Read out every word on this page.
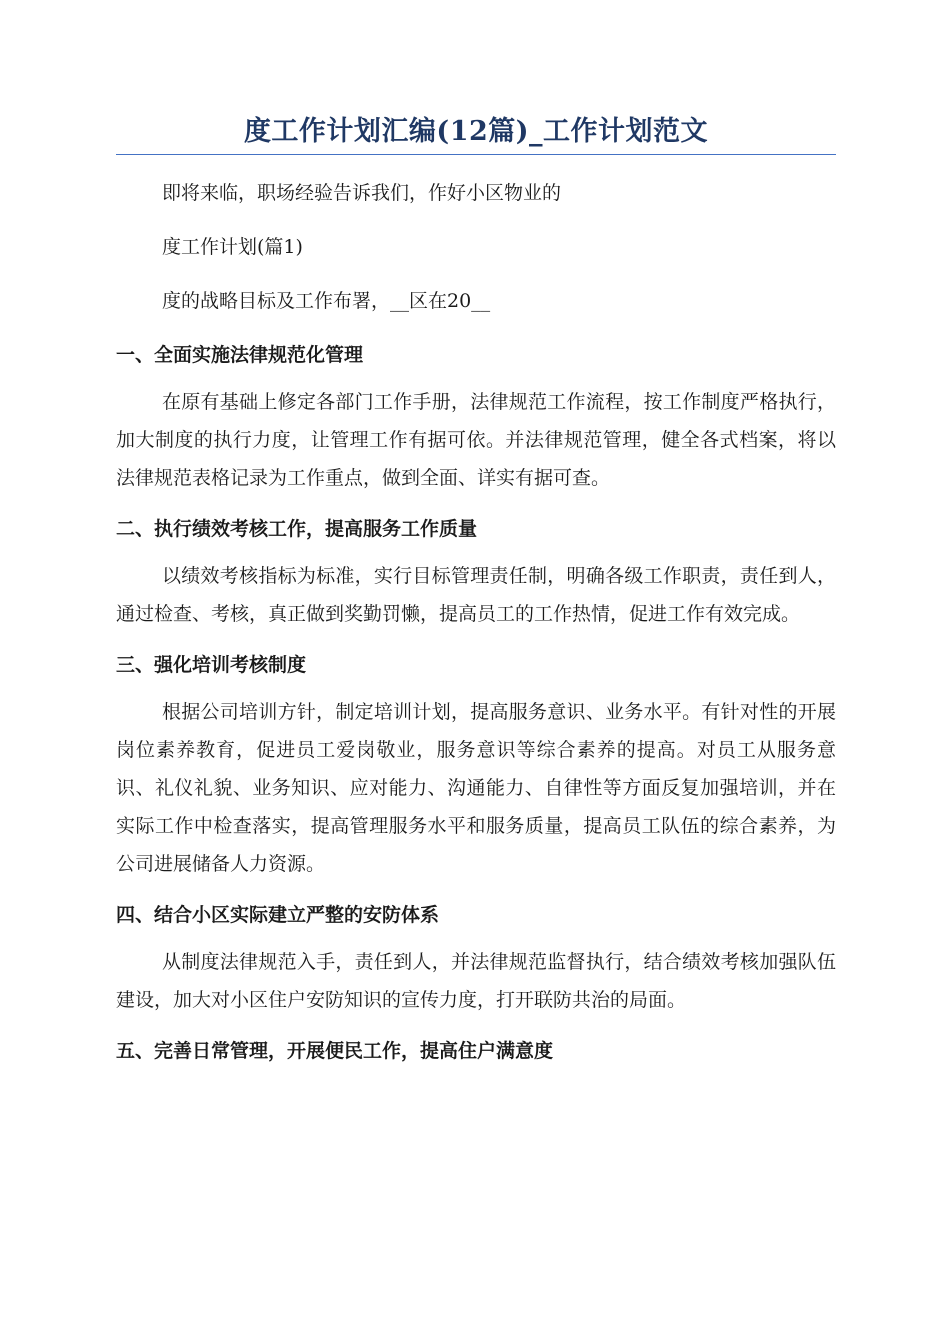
度工作计划汇编(12篇)_工作计划范文

即将来临，职场经验告诉我们，作好小区物业的

度工作计划(篇1)

度的战略目标及工作布署，__区在20__

一、全面实施法律规范化管理

在原有基础上修定各部门工作手册，法律规范工作流程，按工作制度严格执行，加大制度的执行力度，让管理工作有据可依。并法律规范管理，健全各式档案，将以法律规范表格记录为工作重点，做到全面、详实有据可查。

二、执行绩效考核工作，提高服务工作质量

以绩效考核指标为标准，实行目标管理责任制，明确各级工作职责，责任到人，通过检查、考核，真正做到奖勤罚懒，提高员工的工作热情，促进工作有效完成。

三、强化培训考核制度

根据公司培训方针，制定培训计划，提高服务意识、业务水平。有针对性的开展岗位素养教育，促进员工爱岗敬业，服务意识等综合素养的提高。对员工从服务意识、礼仪礼貌、业务知识、应对能力、沟通能力、自律性等方面反复加强培训，并在实际工作中检查落实，提高管理服务水平和服务质量，提高员工队伍的综合素养，为公司进展储备人力资源。

四、结合小区实际建立严整的安防体系

从制度法律规范入手，责任到人，并法律规范监督执行，结合绩效考核加强队伍建设，加大对小区住户安防知识的宣传力度，打开联防共治的局面。

五、完善日常管理，开展便民工作，提高住户满意度
